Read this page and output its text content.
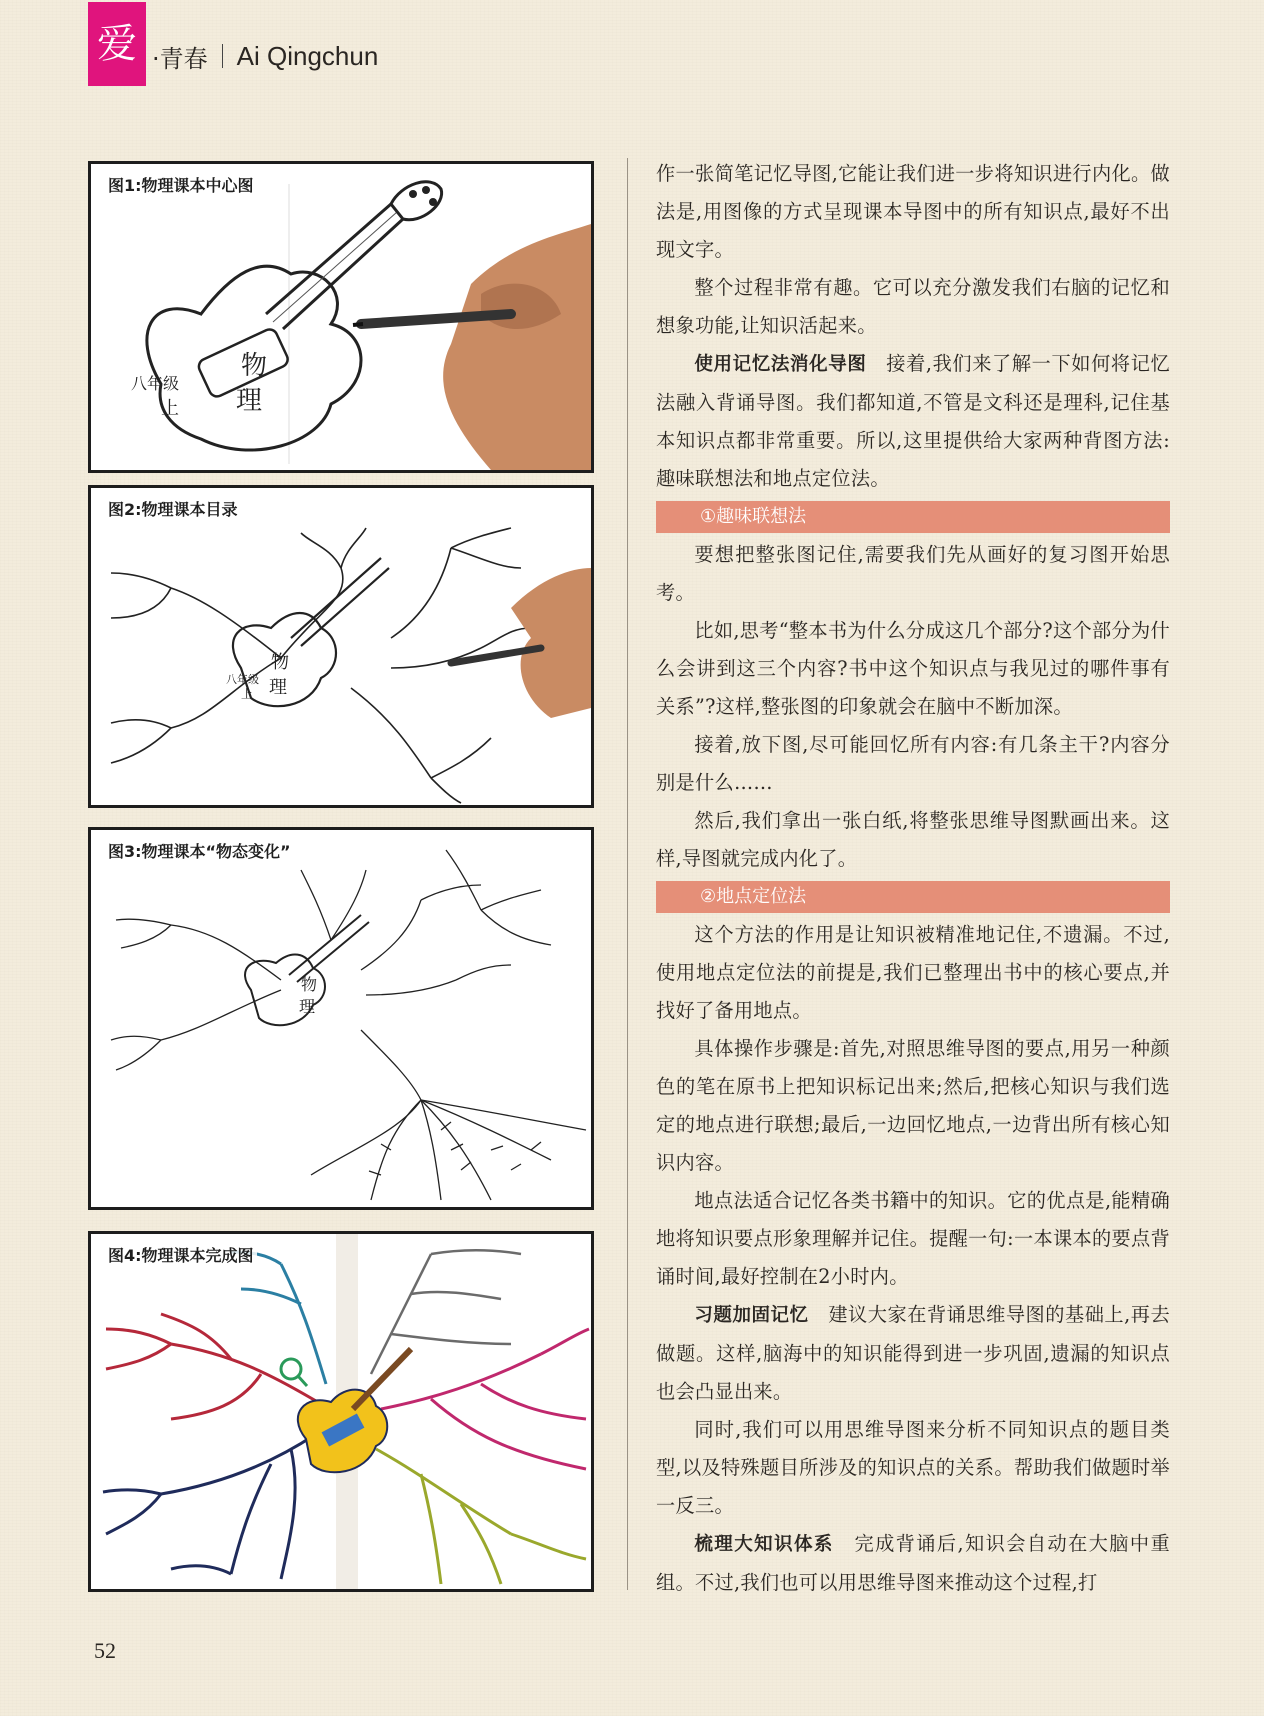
爱 ·青春 Ai Qingchun
图1:物理课本中心图
物
理
八年级
上
图2:物理课本目录
物
理
八年级
上
图3:物理课本“物态变化”
物
理
图4:物理课本完成图

作一张简笔记忆导图,它能让我们进一步将知识进行内化。做法是,用图像的方式呈现课本导图中的所有知识点,最好不出现文字。

整个过程非常有趣。它可以充分激发我们右脑的记忆和想象功能,让知识活起来。

使用记忆法消化导图  接着,我们来了解一下如何将记忆法融入背诵导图。我们都知道,不管是文科还是理科,记住基本知识点都非常重要。所以,这里提供给大家两种背图方法:趣味联想法和地点定位法。

①趣味联想法

要想把整张图记住,需要我们先从画好的复习图开始思考。

比如,思考“整本书为什么分成这几个部分?这个部分为什么会讲到这三个内容?书中这个知识点与我见过的哪件事有关系”?这样,整张图的印象就会在脑中不断加深。

接着,放下图,尽可能回忆所有内容:有几条主干?内容分别是什么……

然后,我们拿出一张白纸,将整张思维导图默画出来。这样,导图就完成内化了。

②地点定位法

这个方法的作用是让知识被精准地记住,不遗漏。不过,使用地点定位法的前提是,我们已整理出书中的核心要点,并找好了备用地点。

具体操作步骤是:首先,对照思维导图的要点,用另一种颜色的笔在原书上把知识标记出来;然后,把核心知识与我们选定的地点进行联想;最后,一边回忆地点,一边背出所有核心知识内容。

地点法适合记忆各类书籍中的知识。它的优点是,能精确地将知识要点形象理解并记住。提醒一句:一本课本的要点背诵时间,最好控制在2小时内。

习题加固记忆  建议大家在背诵思维导图的基础上,再去做题。这样,脑海中的知识能得到进一步巩固,遗漏的知识点也会凸显出来。

同时,我们可以用思维导图来分析不同知识点的题目类型,以及特殊题目所涉及的知识点的关系。帮助我们做题时举一反三。

梳理大知识体系  完成背诵后,知识会自动在大脑中重组。不过,我们也可以用思维导图来推动这个过程,打

52
